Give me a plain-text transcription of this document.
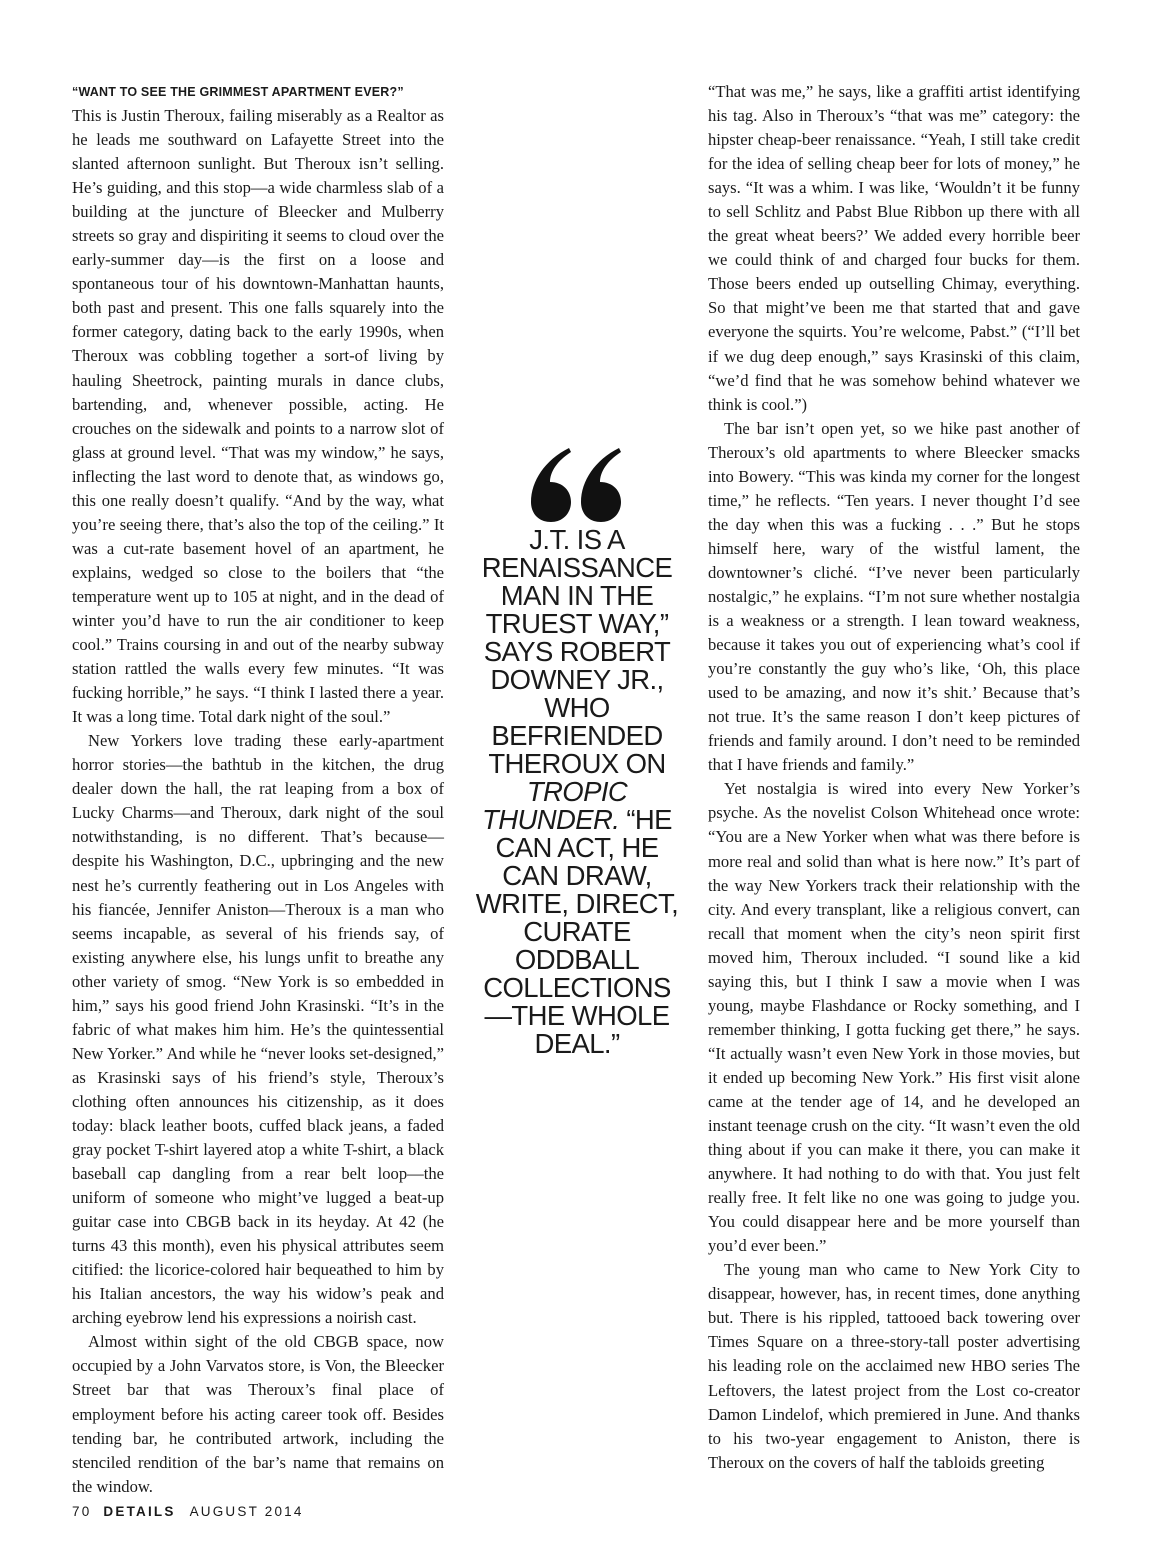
“WANT TO SEE THE GRIMMEST APARTMENT EVER?”

This is Justin Theroux, failing miserably as a Realtor as he leads me southward on Lafayette Street into the slanted afternoon sunlight. But Theroux isn’t selling. He’s guiding, and this stop—a wide charmless slab of a building at the juncture of Bleecker and Mulberry streets so gray and dispiriting it seems to cloud over the early-summer day—is the first on a loose and spontaneous tour of his downtown-Manhattan haunts, both past and present. This one falls squarely into the former category, dating back to the early 1990s, when Theroux was cobbling together a sort-of living by hauling Sheetrock, painting murals in dance clubs, bartending, and, whenever possible, acting. He crouches on the sidewalk and points to a narrow slot of glass at ground level. “That was my window,” he says, inflecting the last word to denote that, as windows go, this one really doesn’t qualify. “And by the way, what you’re seeing there, that’s also the top of the ceiling.” It was a cut-rate basement hovel of an apartment, he explains, wedged so close to the boilers that “the temperature went up to 105 at night, and in the dead of winter you’d have to run the air conditioner to keep cool.” Trains coursing in and out of the nearby subway station rattled the walls every few minutes. “It was fucking horrible,” he says. “I think I lasted there a year. It was a long time. Total dark night of the soul.”

New Yorkers love trading these early-apartment horror stories—the bathtub in the kitchen, the drug dealer down the hall, the rat leaping from a box of Lucky Charms—and Theroux, dark night of the soul notwithstanding, is no different. That’s because—despite his Washington, D.C., upbringing and the new nest he’s currently feathering out in Los Angeles with his fiancée, Jennifer Aniston—Theroux is a man who seems incapable, as several of his friends say, of existing anywhere else, his lungs unfit to breathe any other variety of smog. “New York is so embedded in him,” says his good friend John Krasinski. “It’s in the fabric of what makes him him. He’s the quintessential New Yorker.” And while he “never looks set-designed,” as Krasinski says of his friend’s style, Theroux’s clothing often announces his citizenship, as it does today: black leather boots, cuffed black jeans, a faded gray pocket T-shirt layered atop a white T-shirt, a black baseball cap dangling from a rear belt loop—the uniform of someone who might’ve lugged a beat-up guitar case into CBGB back in its heyday. At 42 (he turns 43 this month), even his physical attributes seem citified: the licorice-colored hair bequeathed to him by his Italian ancestors, the way his widow’s peak and arching eyebrow lend his expressions a noirish cast.

Almost within sight of the old CBGB space, now occupied by a John Varvatos store, is Von, the Bleecker Street bar that was Theroux’s final place of employment before his acting career took off. Besides tending bar, he contributed artwork, including the stenciled rendition of the bar’s name that remains on the window.

J.T. IS A RENAISSANCE MAN IN THE TRUEST WAY,” SAYS ROBERT DOWNEY JR., WHO BEFRIENDED THEROUX ON TROPIC THUNDER. “HE CAN ACT, HE CAN DRAW, WRITE, DIRECT, CURATE ODDBALL COLLECTIONS—THE WHOLE DEAL.”

“That was me,” he says, like a graffiti artist identifying his tag. Also in Theroux’s “that was me” category: the hipster cheap-beer renaissance. “Yeah, I still take credit for the idea of selling cheap beer for lots of money,” he says. “It was a whim. I was like, ‘Wouldn’t it be funny to sell Schlitz and Pabst Blue Ribbon up there with all the great wheat beers?’ We added every horrible beer we could think of and charged four bucks for them. Those beers ended up outselling Chimay, everything. So that might’ve been me that started that and gave everyone the squirts. You’re welcome, Pabst.” (“I’ll bet if we dug deep enough,” says Krasinski of this claim, “we’d find that he was somehow behind whatever we think is cool.”)

The bar isn’t open yet, so we hike past another of Theroux’s old apartments to where Bleecker smacks into Bowery. “This was kinda my corner for the longest time,” he reflects. “Ten years. I never thought I’d see the day when this was a fucking . . .” But he stops himself here, wary of the wistful lament, the downtowner’s cliché. “I’ve never been particularly nostalgic,” he explains. “I’m not sure whether nostalgia is a weakness or a strength. I lean toward weakness, because it takes you out of experiencing what’s cool if you’re constantly the guy who’s like, ‘Oh, this place used to be amazing, and now it’s shit.’ Because that’s not true. It’s the same reason I don’t keep pictures of friends and family around. I don’t need to be reminded that I have friends and family.”

Yet nostalgia is wired into every New Yorker’s psyche. As the novelist Colson Whitehead once wrote: “You are a New Yorker when what was there before is more real and solid than what is here now.” It’s part of the way New Yorkers track their relationship with the city. And every transplant, like a religious convert, can recall that moment when the city’s neon spirit first moved him, Theroux included. “I sound like a kid saying this, but I think I saw a movie when I was young, maybe Flashdance or Rocky something, and I remember thinking, I gotta fucking get there,” he says. “It actually wasn’t even New York in those movies, but it ended up becoming New York.” His first visit alone came at the tender age of 14, and he developed an instant teenage crush on the city. “It wasn’t even the old thing about if you can make it there, you can make it anywhere. It had nothing to do with that. You just felt really free. It felt like no one was going to judge you. You could disappear here and be more yourself than you’d ever been.”

The young man who came to New York City to disappear, however, has, in recent times, done anything but. There is his rippled, tattooed back towering over Times Square on a three-story-tall poster advertising his leading role on the acclaimed new HBO series The Leftovers, the latest project from the Lost co-creator Damon Lindelof, which premiered in June. And thanks to his two-year engagement to Aniston, there is Theroux on the covers of half the tabloids greeting

70 DETAILS AUGUST 2014
